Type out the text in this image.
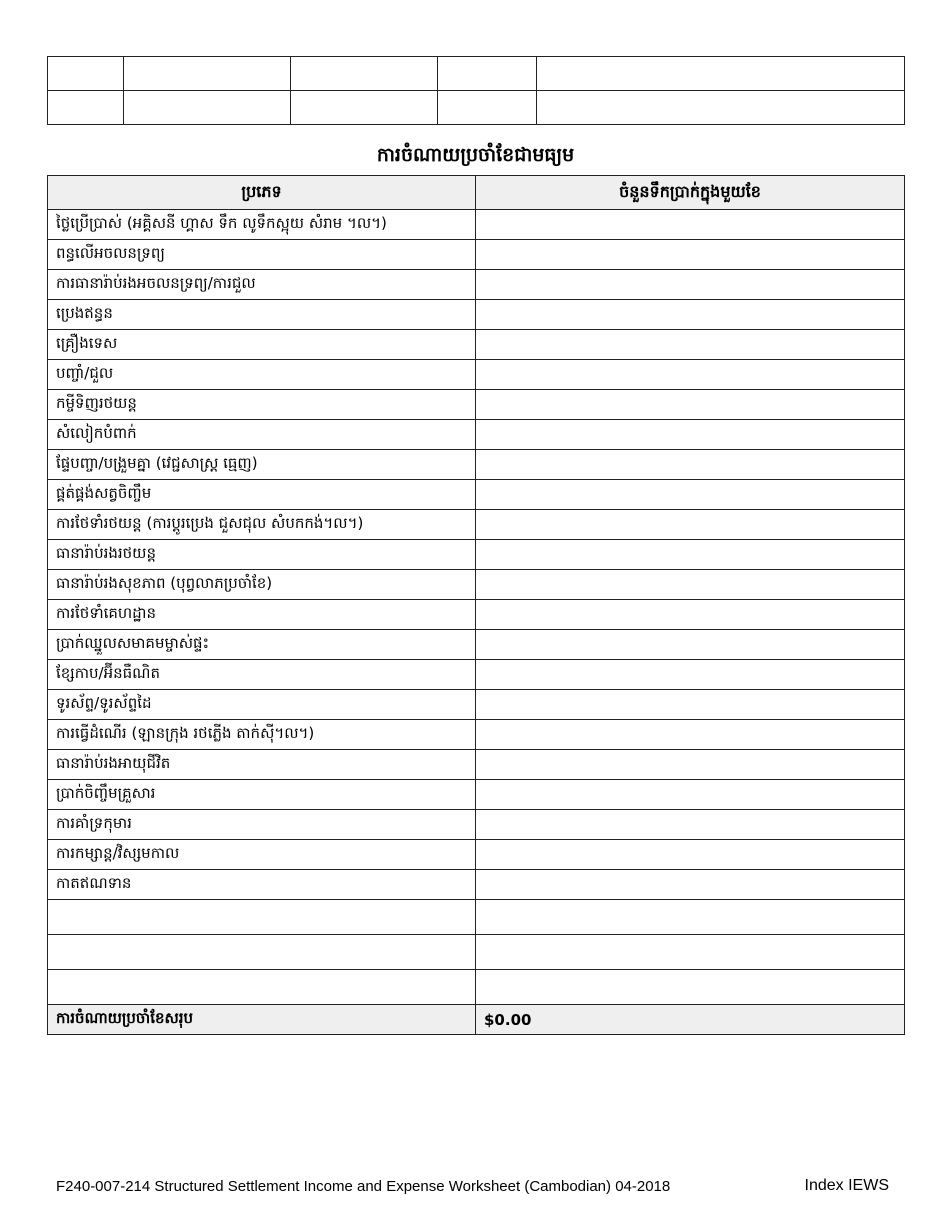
ការចំណាយប្រចាំខែជាមធ្យម
ប្រភេទ	ចំនួនទឹកប្រាក់ក្នុងមួយខែ
ថ្លៃប្រើប្រាស់ (អគ្គិសនី ហ្គាស ទឹក លូទឹកស្អុយ សំរាម ។ល។)	
ពន្ធលើអចលនទ្រព្យ	
ការធានារ៉ាប់រងអចលនទ្រព្យ/ការជួល	
ប្រេងឥន្ធន	
គ្រឿងទេស	
បញ្ចាំ/ជួល	
កម្ចីទិញរថយន្ត	
សំលៀកបំពាក់	
ផែ្ទបញ្ចា/បង្រួមគ្នា (វេជ្ជសាស្ត្រ ធ្មេញ)	
ផ្គត់ផ្គង់សត្វចិញ្ចឹម	
ការថែទាំរថយន្ត (ការប្តូរប្រេង ជួសជុល សំបកកង់។ល។)	
ធានារ៉ាប់រងរថយន្ត	
ធានារ៉ាប់រងសុខភាព (បុព្វលាភប្រចាំខែ)	
ការថែទាំគេហដ្ឋាន	
ប្រាក់ឈ្នួលសមាគមម្ចាស់ផ្ទះ	
ខ្សែកាប/អ៊ីនធឺណិត	
ទូរស័ព្ទ/ទូរស័ព្ទដៃ	
ការធ្វើដំណើរ (ឡានក្រុង រថភ្លើង តាក់ស៊ី។ល។)	
ធានារ៉ាប់រងអាយុជីវិត	
ប្រាក់ចិញ្ចឹមគ្រួសារ	
ការគាំទ្រកុមារ	
ការកម្សាន្ត/វិស្សមកាល	
កាតឥណទាន	

ការចំណាយប្រចាំខែសរុប	$0.00
F240-007-214 Structured Settlement Income and Expense Worksheet (Cambodian) 04-2018	Index IEWS
